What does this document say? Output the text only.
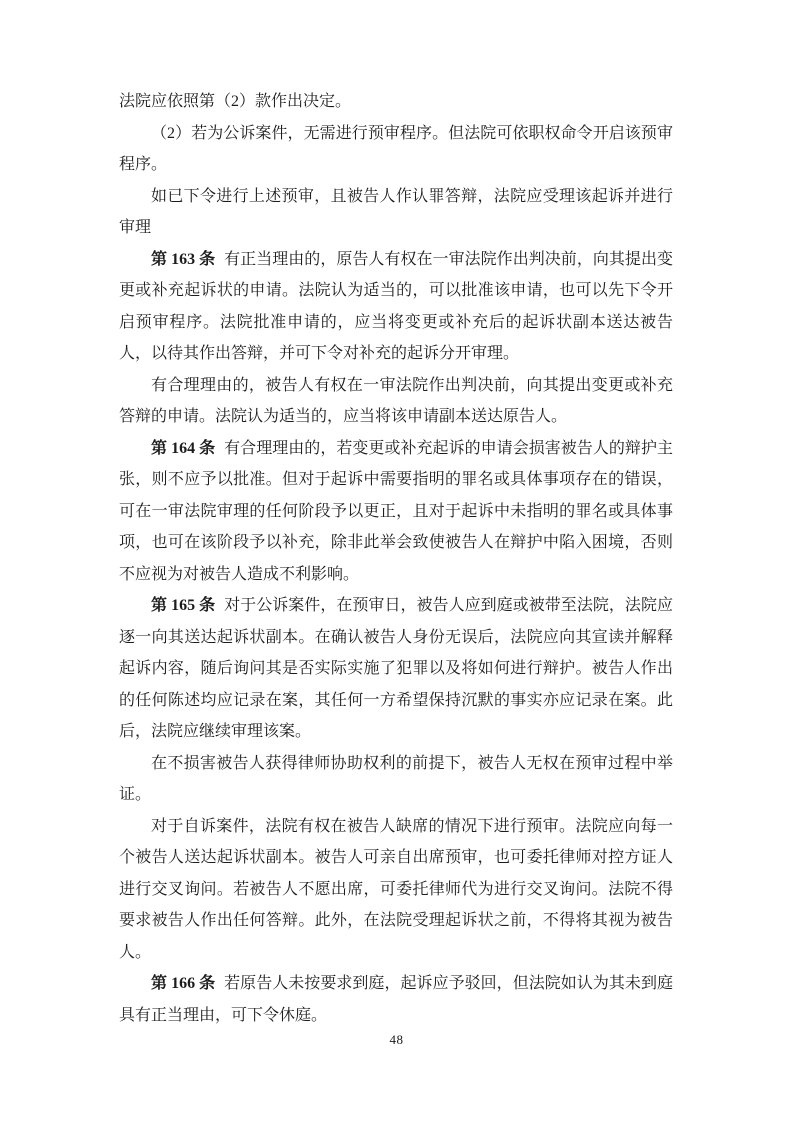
法院应依照第（2）款作出决定。

（2）若为公诉案件，无需进行预审程序。但法院可依职权命令开启该预审程序。

如已下令进行上述预审，且被告人作认罪答辩，法院应受理该起诉并进行审理

第 163 条 有正当理由的，原告人有权在一审法院作出判决前，向其提出变更或补充起诉状的申请。法院认为适当的，可以批准该申请，也可以先下令开启预审程序。法院批准申请的，应当将变更或补充后的起诉状副本送达被告人，以待其作出答辩，并可下令对补充的起诉分开审理。

有合理理由的，被告人有权在一审法院作出判决前，向其提出变更或补充答辩的申请。法院认为适当的，应当将该申请副本送达原告人。

第 164 条 有合理理由的，若变更或补充起诉的申请会损害被告人的辩护主张，则不应予以批准。但对于起诉中需要指明的罪名或具体事项存在的错误，可在一审法院审理的任何阶段予以更正，且对于起诉中未指明的罪名或具体事项，也可在该阶段予以补充，除非此举会致使被告人在辩护中陷入困境，否则不应视为对被告人造成不利影响。

第 165 条 对于公诉案件，在预审日，被告人应到庭或被带至法院，法院应逐一向其送达起诉状副本。在确认被告人身份无误后，法院应向其宣读并解释起诉内容，随后询问其是否实际实施了犯罪以及将如何进行辩护。被告人作出的任何陈述均应记录在案，其任何一方希望保持沉默的事实亦应记录在案。此后，法院应继续审理该案。

在不损害被告人获得律师协助权利的前提下，被告人无权在预审过程中举证。

对于自诉案件，法院有权在被告人缺席的情况下进行预审。法院应向每一个被告人送达起诉状副本。被告人可亲自出席预审，也可委托律师对控方证人进行交叉询问。若被告人不愿出席，可委托律师代为进行交叉询问。法院不得要求被告人作出任何答辩。此外，在法院受理起诉状之前，不得将其视为被告人。

第 166 条 若原告人未按要求到庭，起诉应予驳回，但法院如认为其未到庭具有正当理由，可下令休庭。

48
